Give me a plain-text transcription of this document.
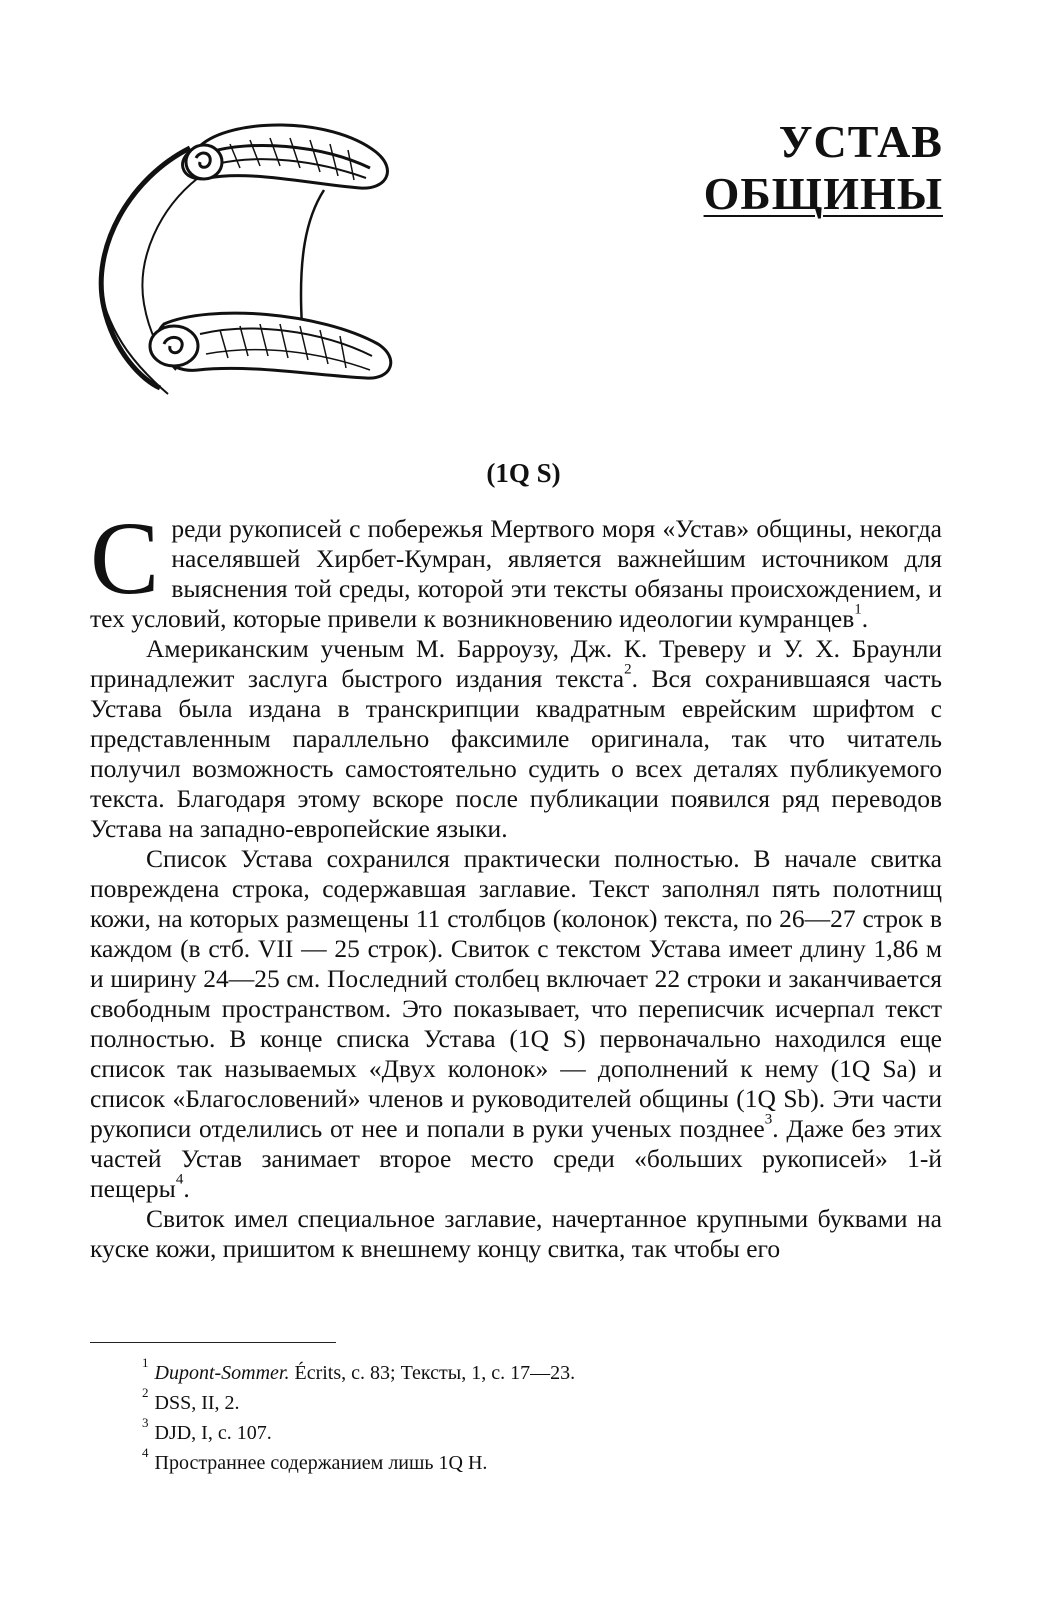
УСТАВ
ОБЩИНЫ
(1Q S)

Среди рукописей с побережья Мертвого моря «Устав» общины, некогда населявшей Хирбет-Кумран, является важнейшим источником для выяснения той среды, которой эти тексты обязаны происхождением, и тех условий, которые привели к возникновению идеологии кумранцев$^1$.

Американским ученым М. Барроузу, Дж. К. Треверу и У. Х. Браунли принадлежит заслуга быстрого издания текста$^2$. Вся сохранившаяся часть Устава была издана в транскрипции квадратным еврейским шрифтом с представленным параллельно факсимиле оригинала, так что читатель получил возможность самостоятельно судить о всех деталях публикуемого текста. Благодаря этому вскоре после публикации появился ряд переводов Устава на западно-европейские языки.

Список Устава сохранился практически полностью. В начале свитка повреждена строка, содержавшая заглавие. Текст заполнял пять полотнищ кожи, на которых размещены 11 столбцов (колонок) текста, по 26—27 строк в каждом (в стб. VII — 25 строк). Свиток с текстом Устава имеет длину 1,86 м и ширину 24—25 см. Последний столбец включает 22 строки и заканчивается свободным пространством. Это показывает, что переписчик исчерпал текст полностью. В конце списка Устава (1Q S) первоначально находился еще список так называемых «Двух колонок» — дополнений к нему (1Q Sa) и список «Благословений» членов и руководителей общины (1Q Sb). Эти части рукописи отделились от нее и попали в руки ученых позднее$^3$. Даже без этих частей Устав занимает второе место среди «больших рукописей» 1-й пещеры$^4$.

Свиток имел специальное заглавие, начертанное крупными буквами на куске кожи, пришитом к внешнему концу свитка, так чтобы его

$^1$ Dupont-Sommer. Écrits, с. 83; Тексты, 1, с. 17—23.
$^2$ DSS, II, 2.
$^3$ DJD, I, с. 107.
$^4$ Пространнее содержанием лишь 1Q H.
